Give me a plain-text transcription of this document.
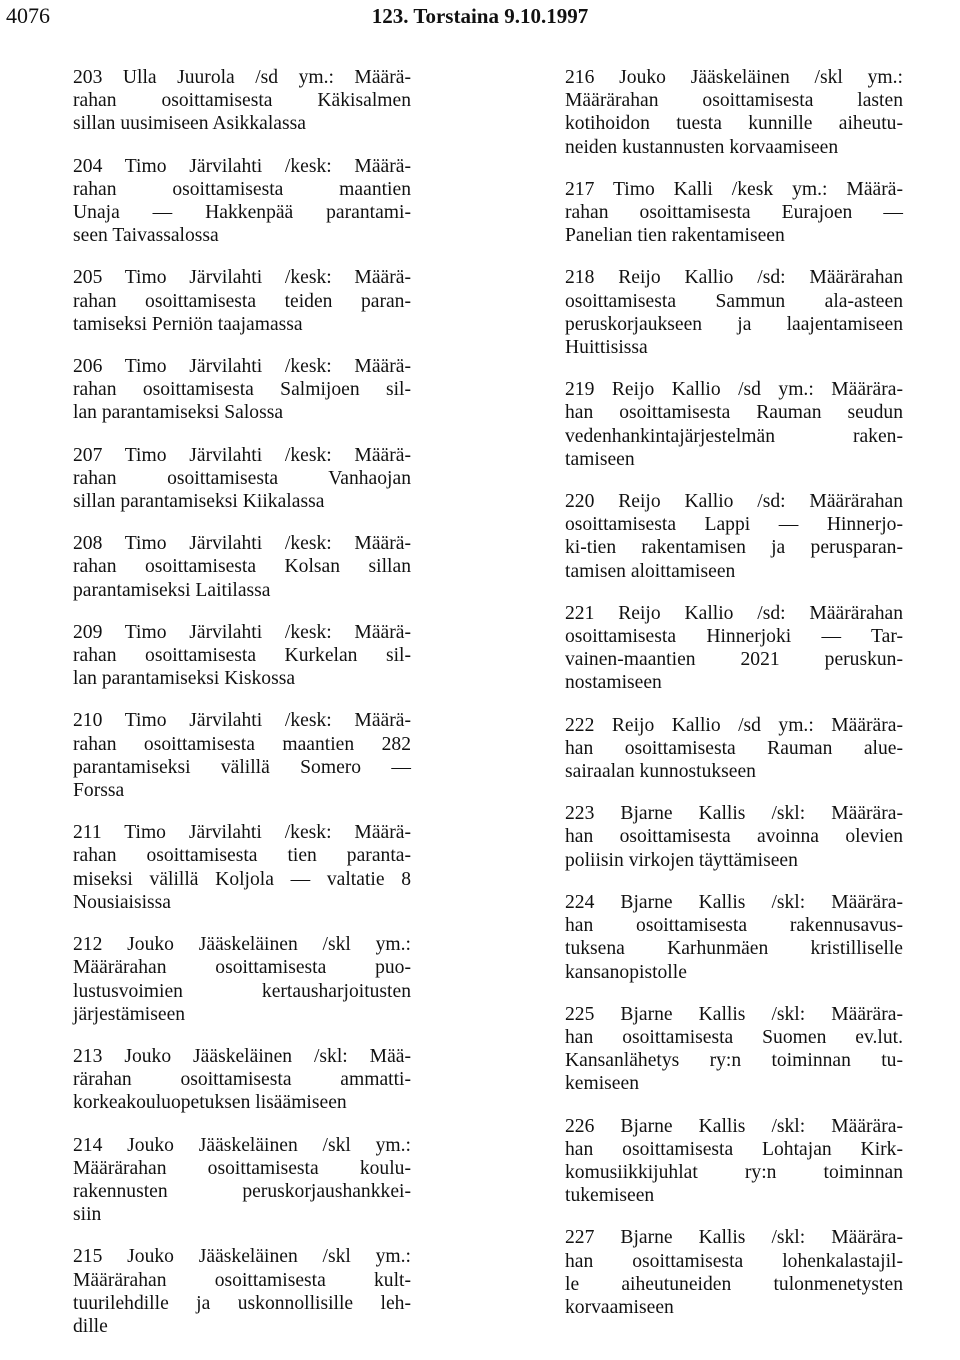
4076	123. Torstaina 9.10.1997
203 Ulla Juurola /sd ym.: Määrä-
rahan osoittamisesta Käkisalmen
sillan uusimiseen Asikkalassa
204 Timo Järvilahti /kesk: Määrä-
rahan osoittamisesta maantien
Unaja — Hakkenpää parantami-
seen Taivassalossa
205 Timo Järvilahti /kesk: Määrä-
rahan osoittamisesta teiden paran-
tamiseksi Perniön taajamassa
206 Timo Järvilahti /kesk: Määrä-
rahan osoittamisesta Salmijoen sil-
lan parantamiseksi Salossa
207 Timo Järvilahti /kesk: Määrä-
rahan osoittamisesta Vanhaojan
sillan parantamiseksi Kiikalassa
208 Timo Järvilahti /kesk: Määrä-
rahan osoittamisesta Kolsan sillan
parantamiseksi Laitilassa
209 Timo Järvilahti /kesk: Määrä-
rahan osoittamisesta Kurkelan sil-
lan parantamiseksi Kiskossa
210 Timo Järvilahti /kesk: Määrä-
rahan osoittamisesta maantien 282
parantamiseksi välillä Somero —
Forssa
211 Timo Järvilahti /kesk: Määrä-
rahan osoittamisesta tien paranta-
miseksi välillä Koljola — valtatie 8
Nousiaisissa
212 Jouko Jääskeläinen /skl ym.:
Määrärahan osoittamisesta puo-
lustusvoimien kertausharjoitusten
järjestämiseen
213 Jouko Jääskeläinen /skl: Mää-
rärahan osoittamisesta ammatti-
korkeakouluopetuksen lisäämiseen
214 Jouko Jääskeläinen /skl ym.:
Määrärahan osoittamisesta koulu-
rakennusten peruskorjaushankkei-
siin
215 Jouko Jääskeläinen /skl ym.:
Määrärahan osoittamisesta kult-
tuurilehdille ja uskonnollisille leh-
dille
216 Jouko Jääskeläinen /skl ym.:
Määrärahan osoittamisesta lasten
kotihoidon tuesta kunnille aiheutu-
neiden kustannusten korvaamiseen
217 Timo Kalli /kesk ym.: Määrä-
rahan osoittamisesta Eurajoen —
Panelian tien rakentamiseen
218 Reijo Kallio /sd: Määrärahan
osoittamisesta Sammun ala-asteen
peruskorjaukseen ja laajentamiseen
Huittisissa
219 Reijo Kallio /sd ym.: Määrära-
han osoittamisesta Rauman seudun
vedenhankintajärjestelmän raken-
tamiseen
220 Reijo Kallio /sd: Määrärahan
osoittamisesta Lappi — Hinnerjo-
ki-tien rakentamisen ja perusparan-
tamisen aloittamiseen
221 Reijo Kallio /sd: Määrärahan
osoittamisesta Hinnerjoki — Tar-
vainen-maantien 2021 peruskun-
nostamiseen
222 Reijo Kallio /sd ym.: Määrära-
han osoittamisesta Rauman alue-
sairaalan kunnostukseen
223 Bjarne Kallis /skl: Määrära-
han osoittamisesta avoinna olevien
poliisin virkojen täyttämiseen
224 Bjarne Kallis /skl: Määrära-
han osoittamisesta rakennusavus-
tuksena Karhunmäen kristilliselle
kansanopistolle
225 Bjarne Kallis /skl: Määrära-
han osoittamisesta Suomen ev.lut.
Kansanlähetys ry:n toiminnan tu-
kemiseen
226 Bjarne Kallis /skl: Määrära-
han osoittamisesta Lohtajan Kirk-
komusiikkijuhlat ry:n toiminnan
tukemiseen
227 Bjarne Kallis /skl: Määrära-
han osoittamisesta lohenkalastajil-
le aiheutuneiden tulonmenetysten
korvaamiseen
